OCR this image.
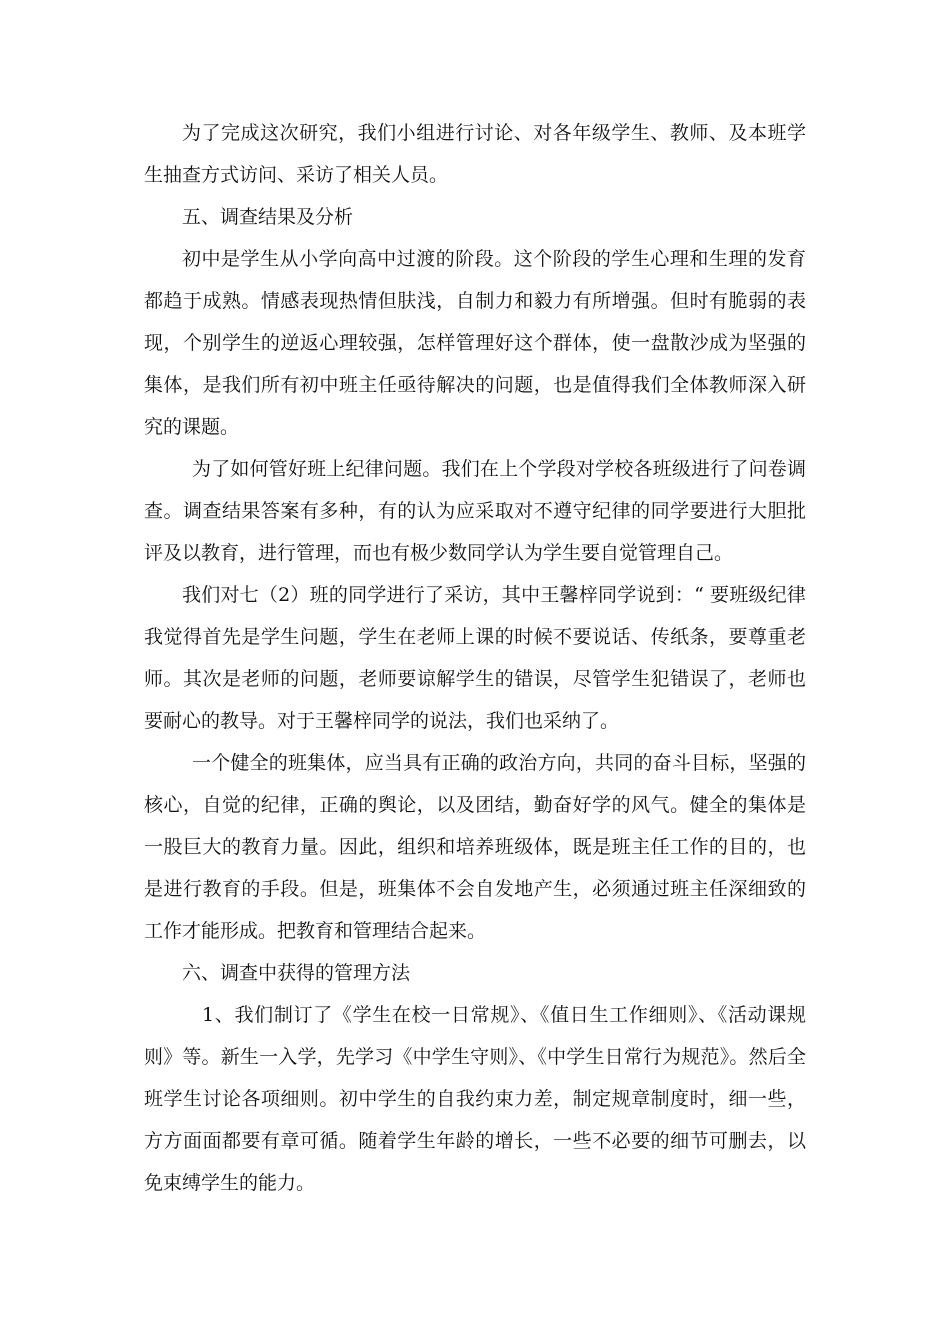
为了完成这次研究，我们小组进行讨论、对各年级学生、教师、及本班学生抽查方式访问、采访了相关人员。

五、调查结果及分析

初中是学生从小学向高中过渡的阶段。这个阶段的学生心理和生理的发育都趋于成熟。情感表现热情但肤浅，自制力和毅力有所增强。但时有脆弱的表现，个别学生的逆返心理较强，怎样管理好这个群体，使一盘散沙成为坚强的集体，是我们所有初中班主任亟待解决的问题，也是值得我们全体教师深入研究的课题。

为了如何管好班上纪律问题。我们在上个学段对学校各班级进行了问卷调查。调查结果答案有多种，有的认为应采取对不遵守纪律的同学要进行大胆批评及以教育，进行管理，而也有极少数同学认为学生要自觉管理自己。

我们对七（2）班的同学进行了采访，其中王馨梓同学说到：“ 要班级纪律我觉得首先是学生问题，学生在老师上课的时候不要说话、传纸条，要尊重老师。其次是老师的问题，老师要谅解学生的错误，尽管学生犯错误了，老师也要耐心的教导。对于王馨梓同学的说法，我们也采纳了。

一个健全的班集体，应当具有正确的政治方向，共同的奋斗目标，坚强的核心，自觉的纪律，正确的舆论，以及团结，勤奋好学的风气。健全的集体是一股巨大的教育力量。因此，组织和培养班级体，既是班主任工作的目的，也是进行教育的手段。但是，班集体不会自发地产生，必须通过班主任深细致的工作才能形成。把教育和管理结合起来。

六、调查中获得的管理方法

1、我们制订了《学生在校一日常规》、《值日生工作细则》、《活动课规则》等。新生一入学，先学习《中学生守则》、《中学生日常行为规范》。然后全班学生讨论各项细则。初中学生的自我约束力差，制定规章制度时，细一些，方方面面都要有章可循。随着学生年龄的增长，一些不必要的细节可删去，以免束缚学生的能力。
